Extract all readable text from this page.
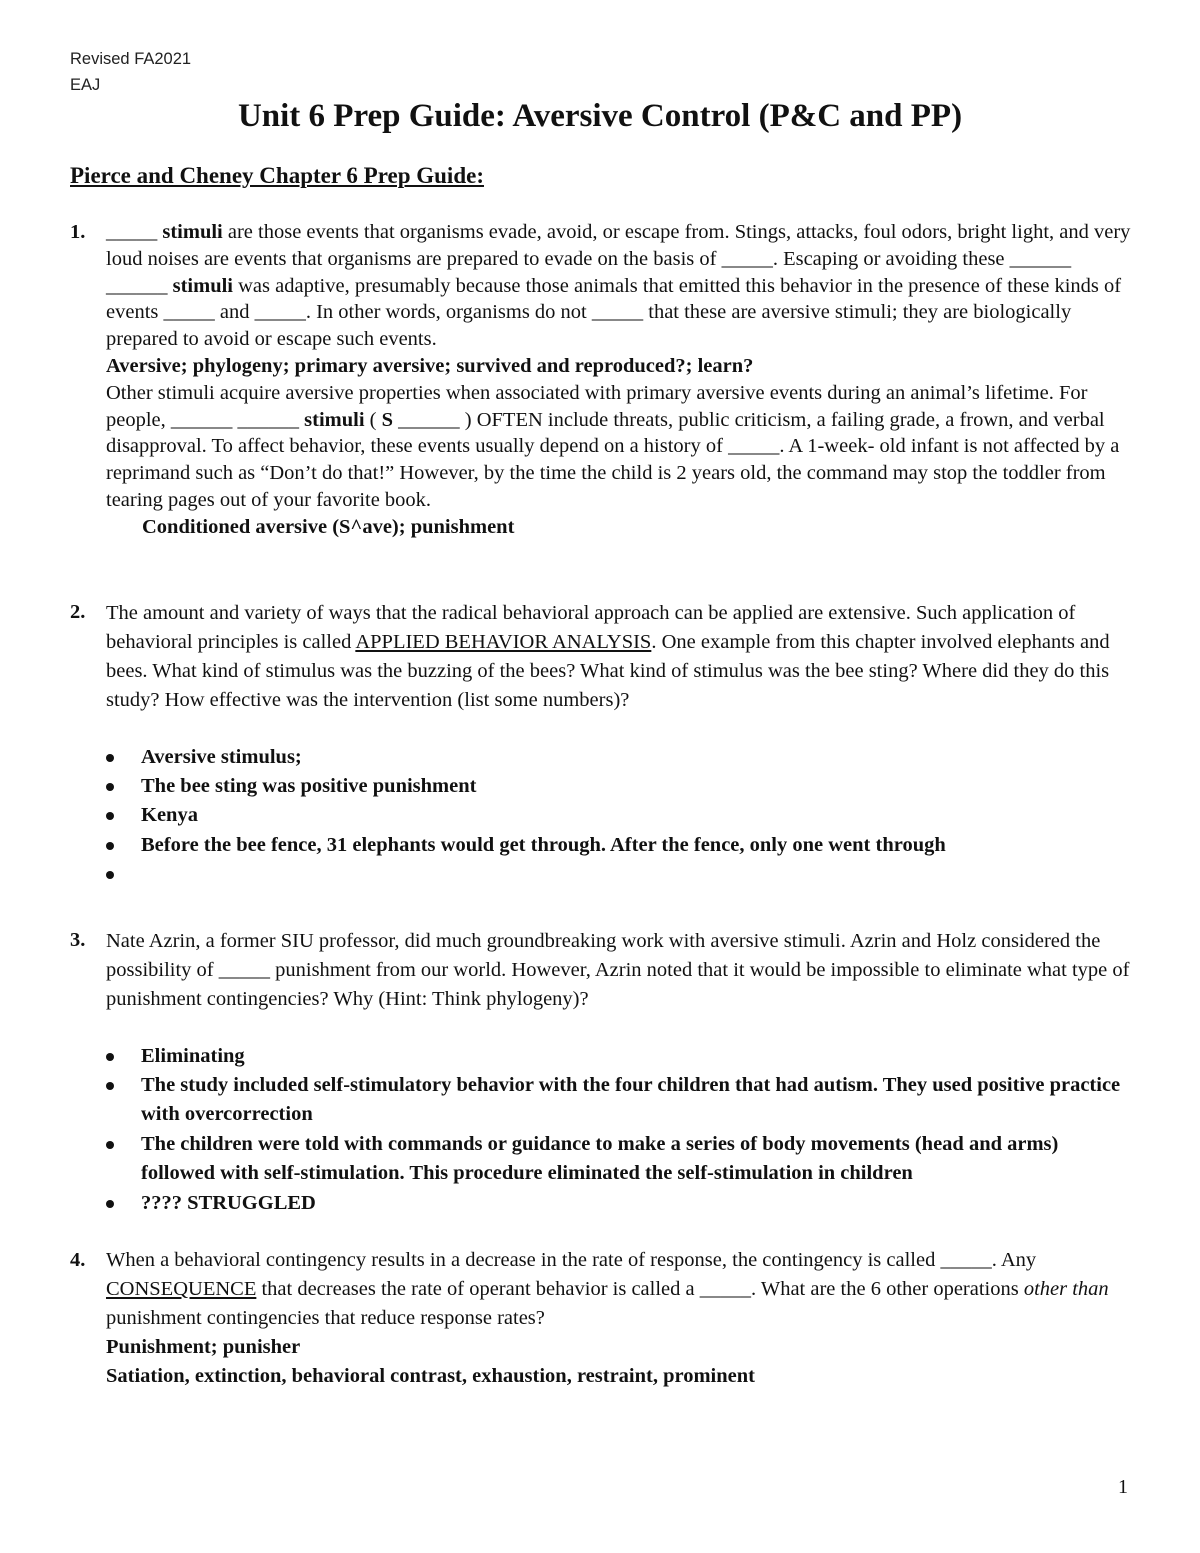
Revised FA2021
EAJ
Unit 6 Prep Guide: Aversive Control (P&C and PP)
Pierce and Cheney Chapter 6 Prep Guide:
1. _____ stimuli are those events that organisms evade, avoid, or escape from. Stings, attacks, foul odors, bright light, and very loud noises are events that organisms are prepared to evade on the basis of _____. Escaping or avoiding these ______ ______ stimuli was adaptive, presumably because those animals that emitted this behavior in the presence of these kinds of events _____ and _____. In other words, organisms do not _____ that these are aversive stimuli; they are biologically prepared to avoid or escape such events.

Aversive; phylogeny; primary aversive; survived and reproduced?; learn?

Other stimuli acquire aversive properties when associated with primary aversive events during an animal’s lifetime. For people, ______ ______ stimuli ( S ______ ) OFTEN include threats, public criticism, a failing grade, a frown, and verbal disapproval. To affect behavior, these events usually depend on a history of _____. A 1-week- old infant is not affected by a reprimand such as “Don’t do that!” However, by the time the child is 2 years old, the command may stop the toddler from tearing pages out of your favorite book.

Conditioned aversive (S^ave); punishment

2. The amount and variety of ways that the radical behavioral approach can be applied are extensive. Such application of behavioral principles is called APPLIED BEHAVIOR ANALYSIS. One example from this chapter involved elephants and bees. What kind of stimulus was the buzzing of the bees? What kind of stimulus was the bee sting? Where did they do this study? How effective was the intervention (list some numbers)?

Aversive stimulus;
The bee sting was positive punishment
Kenya
Before the bee fence, 31 elephants would get through. After the fence, only one went through
3. Nate Azrin, a former SIU professor, did much groundbreaking work with aversive stimuli. Azrin and Holz considered the possibility of _____ punishment from our world. However, Azrin noted that it would be impossible to eliminate what type of punishment contingencies? Why (Hint: Think phylogeny)?

Eliminating
The study included self-stimulatory behavior with the four children that had autism. They used positive practice with overcorrection
The children were told with commands or guidance to make a series of body movements (head and arms) followed with self-stimulation. This procedure eliminated the self-stimulation in children
???? STRUGGLED
4. When a behavioral contingency results in a decrease in the rate of response, the contingency is called _____. Any CONSEQUENCE that decreases the rate of operant behavior is called a _____. What are the 6 other operations other than punishment contingencies that reduce response rates?

Punishment; punisher

Satiation, extinction, behavioral contrast, exhaustion, restraint, prominent

1
